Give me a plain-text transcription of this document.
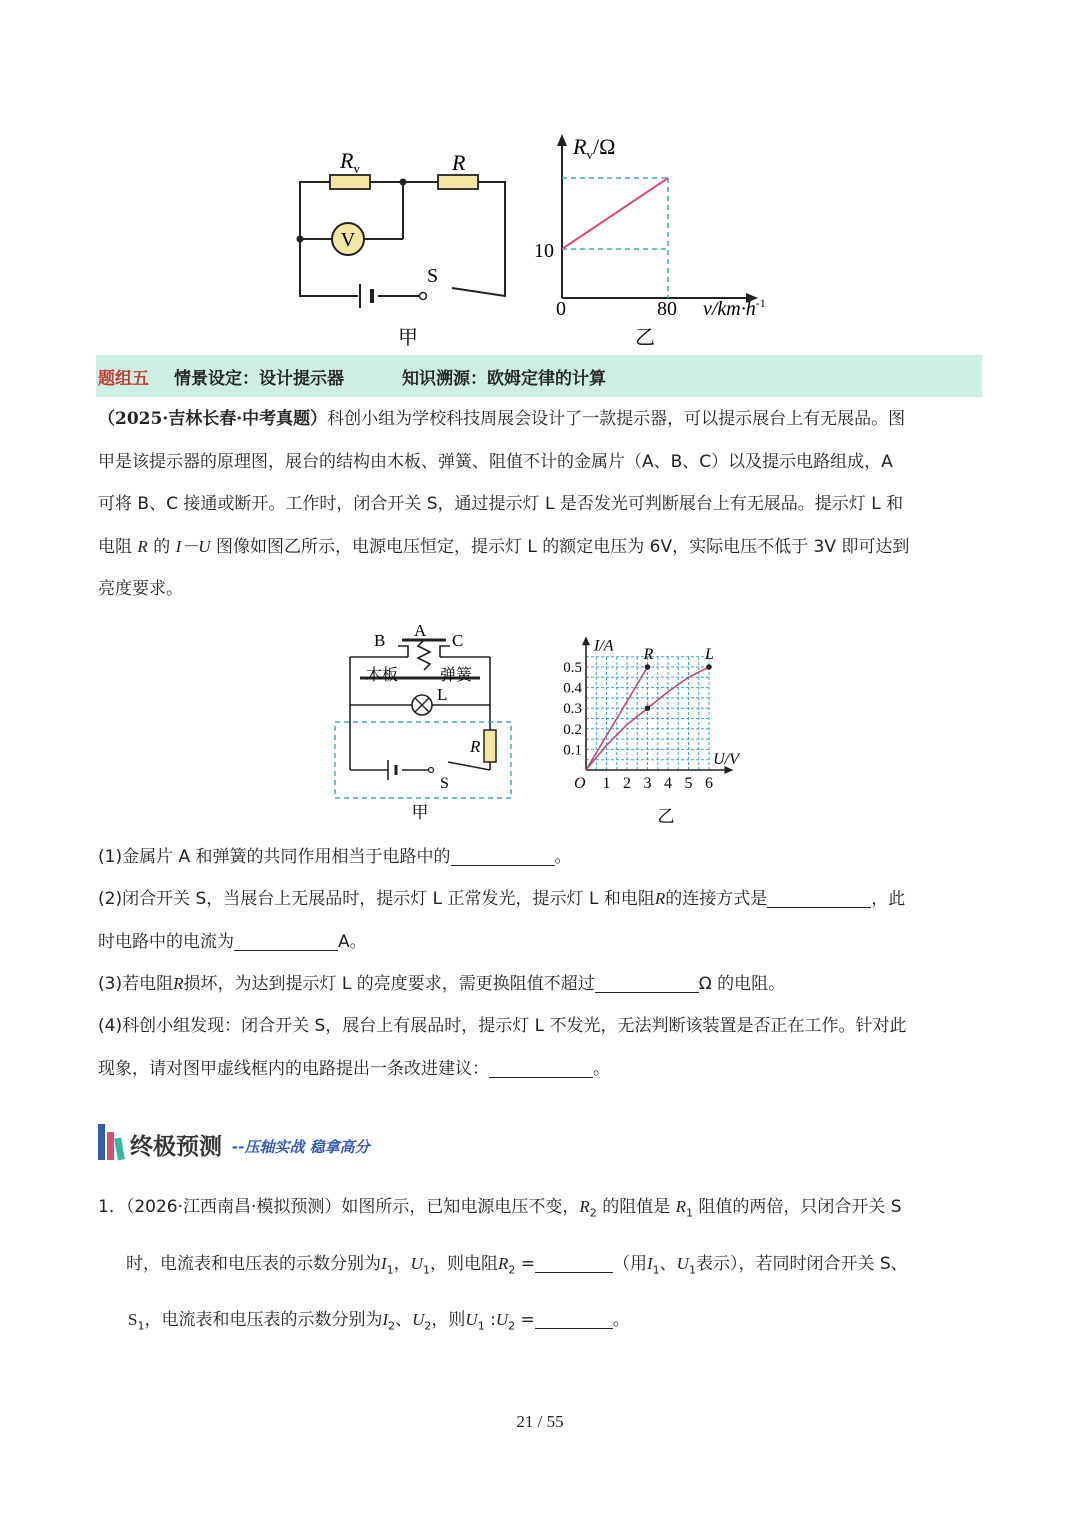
V
S
$R_v$	R
甲
$R_v/\Omega$
10
0	80 $v/km\cdot h^{-1}$
乙
题组五 情景设定：设计提示器	知识溯源：欧姆定律的计算
（2025·吉林长春·中考真题）科创小组为学校科技周展会设计了一款提示器，可以提示展台上有无展品。图
甲是该提示器的原理图，展台的结构由木板、弹簧、阻值不计的金属片（A、B、C）以及提示电路组成，A
可将 B、C 接通或断开。工作时，闭合开关 S，通过提示灯 L 是否发光可判断展台上有无展品。提示灯 L 和
电阻 R 的 I－U 图像如图乙所示，电源电压恒定，提示灯 L 的额定电压为 6V，实际电压不低于 3V 即可达到
亮度要求。
B
A
C
木板	弹簧
L
R
S
甲
1 2 3 4 5 6
0.1
0.2
0.3
0.4
0.5
O
I/A
U/V
R	L
乙
(1)金属片 A 和弹簧的共同作用相当于电路中的	。
(2)闭合开关 S，当展台上无展品时，提示灯 L 正常发光，提示灯 L 和电阻R的连接方式是	，此
时电路中的电流为	A。
(3)若电阻R损坏，为达到提示灯 L 的亮度要求，需更换阻值不超过	Ω 的电阻。
(4)科创小组发现：闭合开关 S，展台上有展品时，提示灯 L 不发光，无法判断该装置是否正在工作。针对此
现象，请对图甲虚线框内的电路提出一条改进建议：	。
终极预测 --压轴实战 稳拿高分
1．（2026·江西南昌·模拟预测）如图所示，已知电源电压不变，$R_2$ 的阻值是 $R_1$ 阻值的两倍，只闭合开关 S
时，电流表和电压表的示数分别为$I_1$，$U_1$，则电阻$R_2$ =	（用$I_1$、$U_1$表示），若同时闭合开关 S、
$S_1$，电流表和电压表的示数分别为$I_2$、$U_2$，则$U_1$ $:U_2$ =	。
21 / 55
